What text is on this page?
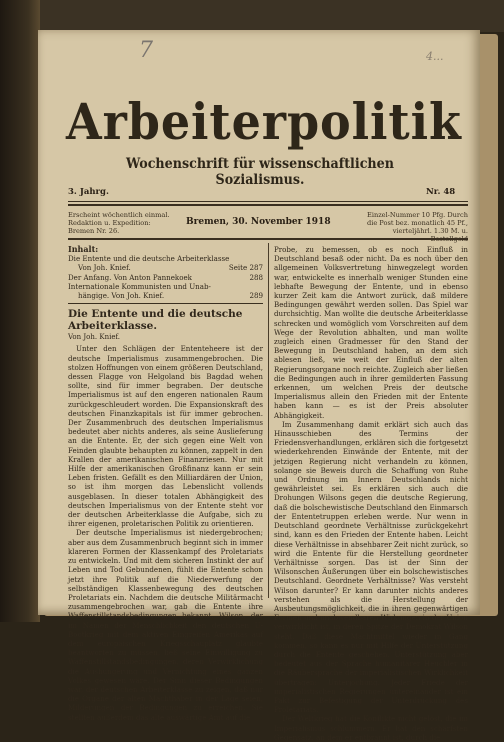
7	4...
Arbeiterpolitik
Wochenschrift für wissenschaftlichen Sozialismus.
3. Jahrg.	Nr. 48
Erscheint wöchentlich einmal.
Redaktion u. Expedition:
Bremen Nr. 26.
Bremen, 30. November 1918
Einzel-Nummer 10 Pfg. Durch
die Post bez. monatlich 45 Pf.,
vierteljährl. 1.30 M. u.
Inhalt:
Die Entente und die deutsche Arbeiterklasse
Von Joh. Knief.	Seite 287
Der Anfang. Von Anton Pannekoek	288
Internationale Kommunisten und Unab-
hängige. Von Joh. Knief.	289
Die Entente und die deutsche Arbeiterklasse.
Von Joh. Knief.
Unter den Schlägen der Ententeheere ist der deutsche Imperialismus zusammengebrochen. Die stolzen Hoffnungen von einem größeren Deutschland, dessen Flagge von Helgoland bis Bagdad wehen sollte, sind für immer begraben. Der deutsche Imperialismus ist auf den engeren nationalen Raum zurückgeschleudert worden. Die Expansionskraft des deutschen Finanzkapitals ist für immer gebrochen. Der Zusammenbruch des deutschen Imperialismus bedeutet aber nichts anderes, als seine Auslieferung an die Entente. Er, der sich gegen eine Welt von Feinden glaubte behaupten zu können, zappelt in den Krallen der amerikanischen Finanzriesen. Nur mit Hilfe der amerikanischen Großfinanz kann er sein Leben fristen. Gefällt es den Milliardären der Union, so ist ihm morgen das Lebenslicht vollends ausgeblasen. In dieser totalen Abhängigkeit des deutschen Imperialismus von der Entente steht vor der deutschen Arbeiterklasse die Aufgabe, sich zu ihrer eigenen, proletarischen Politik zu orientieren.
Der deutsche Imperialismus ist niedergebrochen; aber aus dem Zusammenbruch beginnt sich in immer klareren Formen der Klassenkampf des Proletariats zu entwickeln. Und mit dem sicheren Instinkt der auf Leben und Tod Gebundenen, fühlt die Entente schon jetzt ihre Politik auf die Niederwerfung der selbständigen Klassenbewegung des deutschen Proletariats ein. Nachdem die deutsche Militärmacht zusammengebrochen war, gab die Entente ihre Waffenstillstandsbedingungen bekannt. Wilson, der im Namen der Menschlichkeit den deutschen U-Bootkrieg mit dem aktiven Eingreifen Amerikas auf dem europäischen Kriegsschauplatz glaubte beantworten zu müssen, ließ seine Einwilligung zu Waffenstillstandsbedingungen, deren Verwirklichung die Aushungerung und Vernichtung eines ganzen Volkes gewesen wäre. Der Sinn dieser Bedingungen war, der deutschen Arbeiterklasse zu zeigen, daß nur die Organe der alten Machthaber in der Lage seien, Milderungen der Bedingungen zu erreichen. Sie stellten außerdem das alte auswärtige Amt auf die
Probe, zu bemessen, ob es noch Einfluß in Deutschland besaß oder nicht. Da es noch über den allgemeinen Volksvertretung hinwegzelegt worden war, entwickelte es innerhalb weniger Stunden eine lebhafte Bewegung der Entente, und in ebenso kurzer Zeit kam die Antwort zurück, daß mildere Bedingungen gewährt werden sollen. Das Spiel war durchsichtig. Man wollte die deutsche Arbeiterklasse schrecken und womöglich vom Vorschreiten auf dem Wege der Revolution abhalten, und man wollte zugleich einen Gradmesser für den Stand der Bewegung in Deutschland haben, an dem sich ablesen ließ, wie weit der Einfluß der alten Regierungsorgane noch reichte. Zugleich aber ließen die Bedingungen auch in ihrer gemilderten Fassung erkennen, um welchen Preis der deutsche Imperialismus allein den Frieden mit der Entente haben kann — es ist der Preis absoluter Abhängigkeit.
Im Zusammenhang damit erklärt sich auch das Hinausschieben des Termins der Friedensverhandlungen, erklären sich die fortgesetzt wiederkehrenden Einwände der Entente, mit der jetzigen Regierung nicht verhandeln zu können, solange sie Beweis durch die Schaffung von Ruhe und Ordnung im Innern Deutschlands nicht gewährleistet sei. Es erklären sich auch die Drohungen Wilsons gegen die deutsche Regierung, daß die bolschewistische Deutschland den Einmarsch der Ententetruppen erleben werde. Nur wenn in Deutschland geordnete Verhältnisse zurückgekehrt sind, kann es den Frieden der Entente haben. Leicht diese Verhältnisse in absehbarer Zeit nicht zurück, so wird die Entente für die Herstellung geordneter Verhältnisse sorgen. Das ist der Sinn der Wilsonschen Äußerungen über ein bolschewistisches Deutschland. Geordnete Verhältnisse? Was versteht Wilson darunter? Er kann darunter nichts anderes verstehen als die Herstellung der Ausbeutungsmöglichkeit, die in ihren gegenwärtigen Formen und unabwendbaren Wirkungen in der Union verwirklicht ist, in deren Spitze der Demokrat Wilson steht. Daß diese Machtmittel wieder in Gang kommen, so kann es nur mit Hilfe der Unterstützung durch die Entente geschehen. Unterstützung aber bedeutet aus der Sprache humanitärer Heuchler in die Räubersprache der imperialistischen Wirklichkeit übertragen: Unterjochung. Jeder Friede der imperialistischen Regierungen untereinander ist ein Pakt zur Befestigung der Unterdrückung des Proletariats.
Der Weltkrieg hat die Konflikte nicht gelöst, die im Imperialismus schlummern. Er hat den schärfsten Gegensatz, an dem er entbrannt ist, durch die
